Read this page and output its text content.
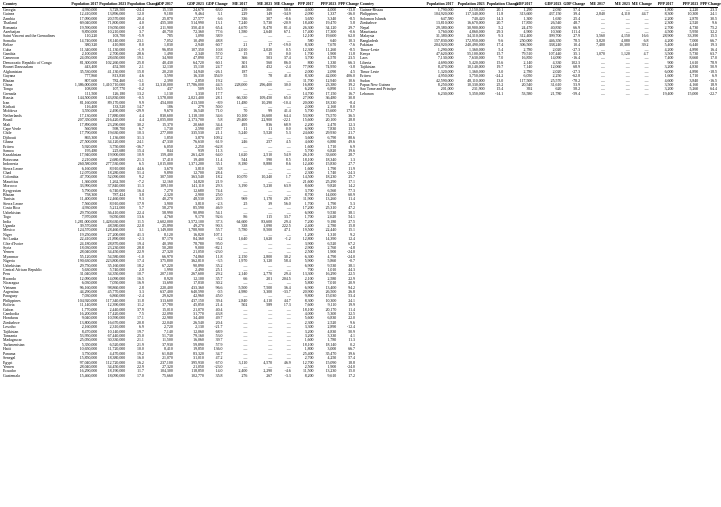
Country	Population 2017	Population 2023	Population Change	GDP 2017	GDP 2023	GDP Change	ME 2017	ME 2023	ME Change	PPP 2017	PPP 2023	PPP Change
Georgia	4,930,000	3,728,500	-24.4	15,130	24,670	63.0	239	360	50.6	4,600	4,000	-13.0
Guinea	12,410,000	13,896,000	12.0	9,180	9,464	3.1	229	149	-34.9	2,090	1,337	-36.0
Zambia	17,090,000	20,570,000	20.4	25,870	27,577	6.6	336	307	-8.6	3,650	3,340	-8.5
Thailand	69,040,000	71,800,000	4.0	455,300	514,990	13.1	7,240	5,730	-20.9	18,400	19,470	5.8
Romania	19,590,000	19,050,000	-2.8	211,900	350,410	65.4	4,670	8,470	81.4	26,300	34,120	29.7
Azerbaijan	9,850,000	10,210,000	3.7	40,750	72,360	77.6	1,580	2,640	67.1	17,400	17,300	-0.6
Saint Vincent and the Grenadines	110,220	103,700	-5.9	785	1,090	38.9	—	—	—	12,100	19,600	62.0
Somalia	14,740,000	18,140,000	23.1	7,052	10,490	48.8	—	—	—	580	640	10.3
Belize	380,320	410,800	8.0	1,830	2,940	60.7	21	17	-19.0	8,300	7,670	-7.6
Cuba	11,340,000	11,130,000	-1.9	96,850	107,350	10.8	2,010	2,020	0.5	12,300	11,260	-8.5
Gambia	2,100,000	2,700,000	28.6	1,490	2,340	57.0	15	15	0.0	1,700	1,900	11.8
Cameroon	24,050,000	28,650,000	19.1	34,900	47,890	37.2	366	503	37.4	3,700	4,570	23.5
Democratic Republic of Congo	81,300,000	102,260,000	25.8	40,430	64,720	60.1	301	560	86.0	800	1,330	66.3
Brunei Darussalam	443,400	452,500	2.1	12,130	15,130	24.7	463	452	-2.4	77,900	74,950	-3.8
Afghanistan	35,530,000	41,130,000	15.8	20,230	14,940	-26.1	187	—	—	2,000	2,090	4.5
Guyana	777,860	813,830	4.6	3,590	16,330	354.9	55	78	41.8	8,300	42,000	406.0
Bhutan	807,600	782,460	-3.1	2,390	2,850	19.2	—	—	—	11,700	12,940	10.6
China	1,386,000,000	1,410,710,000	1.8	12,310,000	17,786,000	44.5	228,000	296,400	30.0	16,800	23,380	39.2
Tonga	108,000	107,770	-0.2	437	509	16.5	—	—	—	6,200	6,890	11.1
Grenada	111,500	126,180	13.2	1,130	1,330	17.7	—	—	—	14,700	17,150	16.7
Russia	144,500,000	143,830,000	-0.5	1,578,000	2,021,400	28.1	66,330	109,450	65.0	27,900	36,480	30.8
Iran	81,160,000	89,170,000	9.9	454,000	413,500	-8.9	11,480	10,290	-10.4	20,000	18,330	-8.4
Kiribati	116,400	133,520	14.7	186	279	50.0	—	—	—	2,000	2,160	8.0
Moldova	3,550,000	2,490,000	-29.9	9,670	16,540	71.0	70	99	41.4	5,700	15,600	173.7
Netherlands	17,130,000	17,880,000	4.4	830,600	1,118,100	34.6	10,100	16,600	64.4	53,900	73,570	36.5
Brazil	207,350,000	216,420,000	4.4	2,055,000	2,173,700	5.8	29,400	22,900	-22.1	15,600	20,100	28.8
Mali	17,890,000	23,290,000	30.2	15,370	20,660	34.4	495	836	68.9	2,200	2,470	12.3
Cape Verde	560,900	598,700	6.7	1,730	2,590	49.7	11	11	0.0	6,900	7,830	13.5
Chile	17,790,000	19,630,000	10.3	277,000	335,530	21.1	5,240	5,520	5.3	24,600	29,930	21.7
Djibouti	865,300	1,136,000	31.3	1,850	3,870	109.2	—	—	—	3,600	6,790	88.6
Ghana	27,500,000	34,120,000	24.1	47,330	76,630	61.9	246	257	4.5	4,600	6,880	49.6
Eritrea	5,920,000	3,750,000	-36.7	6,050	2,250	-62.8	—	—	—	1,600	1,710	6.9
Samoa	195,480	225,680	15.4	844	939	11.3	—	—	—	5,700	6,820	19.6
Kazakhstan	17,940,000	19,900,000	10.9	159,400	261,420	64.0	1,620	2,510	54.9	26,100	33,600	28.7
Botswana	2,210,000	2,680,000	21.3	17,410	19,400	11.4	544	590	8.5	18,100	18,340	1.3
Indonesia	260,580,000	277,530,000	6.5	1,015,000	1,371,200	35.1	8,180	8,880	8.6	12,400	15,830	27.7
Sierra Leone	6,160,000	8,910,000	44.6	3,670	3,810	3.8	—	—	—	1,600	1,790	11.9
Chad	12,070,000	18,280,000	51.4	9,890	12,700	28.4	—	—	—	2,300	1,740	-24.3
Colombia	47,700,000	52,090,000	9.2	307,500	363,540	18.2	10,070	10,240	1.7	14,500	18,230	25.7
Mauritius	1,360,000	1,262,500	-7.2	12,160	14,820	21.9	—	—	—	21,600	25,290	17.1
Morocco	33,990,000	37,840,000	11.3	109,100	141,110	29.3	3,190	5,230	63.9	8,600	9,820	14.2
Kyrgyzstan	5,790,000	6,740,000	16.4	7,270	12,680	74.4	—	—	—	3,700	6,560	77.3
Bhutan	758,300	787,424	3.8	2,320	2,900	25.0	—	—	—	8,700	14,000	60.9
Tunisia	11,400,000	12,460,000	9.3	40,270	48,530	20.5	969	1,170	20.7	11,900	13,260	11.4
Sierra Leone	7,560,000	8,910,000	17.9	3,900	3,810	-2.3	25	39	56.0	1,700	1,790	5.3
Costa Rica	4,930,000	5,212,000	5.7	58,270	85,590	46.9	—	—	—	17,200	25,310	47.2
Uzbekistan	29,750,000	36,410,000	22.4	58,990	90,890	54.1	—	—	—	6,900	9,530	38.1
Togo	7,970,000	9,050,000	13.6	4,760	9,170	92.6	86	115	33.7	1,700	2,620	54.1
India	1,281,000,000	1,428,630,000	11.5	2,602,000	3,572,100	37.3	64,600	83,600	29.4	7,200	9,180	27.5
Uganda	39,570,000	48,580,000	22.8	25,890	49,270	90.3	338	1,090	222.5	2,400	2,780	15.8
Mexico	124,570,000	128,460,000	3.1	1,149,000	1,788,900	55.7	5,780	8,500	47.1	19,500	22,440	15.1
Niger	19,250,000	27,200,000	41.3	8,120	16,820	107.1	—	—	—	1,200	1,310	9.2
Sri Lanka	22,410,000	21,890,000	-2.3	87,170	84,360	-3.2	1,640	1,620	-1.2	12,800	14,390	12.4
Côte d'Ivoire	24,180,000	28,870,000	19.4	40,390	78,780	95.0	—	—	—	3,900	6,520	67.2
Syria	18,030,000	23,230,000	28.8	50,280	9,000	-82.1	—	—	—	2,900	2,760	-4.8
Yemen	28,040,000	34,450,000	22.9	27,320	21,050	-23.0	—	—	—	2,500	1,900	-24.0
Myanmar	55,120,000	54,580,000	-1.0	66,970	74,860	11.8	2,150	2,800	30.2	6,300	4,790	-24.0
Nigeria	190,630,000	223,800,000	17.4	375,800	362,810	-3.5	1,970	3,120	58.4	5,900	5,860	-0.7
Uzbekistan	29,750,000	35,160,000	18.2	67,220	90,890	35.2	—	—	—	6,900	9,530	38.1
Central African Republic	5,630,000	5,740,000	2.0	1,990	2,490	25.1	—	—	—	700	1,010	44.3
Peru	31,040,000	34,350,000	10.7	207,100	267,600	29.2	2,140	2,770	29.4	13,300	16,290	22.5
Rwanda	12,090,000	14,090,000	16.5	8,920	12,100	35.7	66	201	204.5	2,100	2,580	22.9
Nicaragua	6,030,000	7,050,000	16.9	13,690	17,830	30.2	—	—	—	5,800	7,010	20.9
Vietnam	96,160,000	98,860,000	2.8	220,400	433,360	96.6	5,500	7,500	36.4	6,900	13,400	94.2
Argentina	44,290,000	45,770,000	3.3	637,400	640,590	0.5	4,980	3,300	-33.7	20,900	26,500	26.8
Paraguay	7,030,000	6,860,000	-2.4	29,620	42,960	45.0	—	—	—	9,800	15,030	53.4
Philippines	104,920,000	117,340,000	11.8	313,600	437,150	39.4	2,840	4,110	44.7	8,300	10,300	24.1
Bolivia	11,140,000	12,390,000	11.2	37,780	45,850	21.4	502	589	17.3	7,600	9,110	19.9
Gabon	1,770,000	2,440,000	37.9	15,010	21,070	40.4	—	—	—	18,100	20,170	11.4
Cambodia	16,200,000	17,420,000	7.5	22,090	31,770	43.8	—	—	—	4,000	5,300	32.5
Honduras	9,040,000	10,590,000	17.1	22,980	34,400	49.7	—	—	—	5,600	6,830	22.0
Zimbabwe	13,800,000	16,670,000	20.8	22,040	26,540	20.4	—	—	—	2,300	2,520	9.6
Lesotho	2,160,000	2,310,000	6.9	2,720	2,130	-21.7	—	—	—	3,300	2,890	-12.4
Tajikistan	8,470,000	10,140,000	19.7	7,140	12,060	68.9	—	—	—	3,200	4,830	50.9
Tanzania	53,950,000	67,440,000	25.0	51,730	79,160	53.0	—	—	—	3,200	3,330	4.1
Madagascar	25,050,000	30,330,000	21.1	11,500	16,060	39.7	—	—	—	1,600	1,780	11.3
Turkmenistan	5,350,000	6,520,000	21.9	37,930	59,890	57.9	—	—	—	18,100	18,140	0.2
Haiti	10,650,000	11,720,000	10.0	8,410	19,850	136.0	—	—	—	1,800	3,000	66.7
Panama	3,750,000	4,470,000	19.2	61,840	83,320	34.7	—	—	—	25,400	35,470	39.6
Senegal	15,850,000	18,380,000	16.0	21,070	31,010	47.2	—	—	—	2,700	4,250	57.4
Egypt	97,040,000	112,720,000	16.2	237,100	395,930	67.0	3,110	4,570	46.9	12,700	15,090	18.8
Yemen	28,040,000	34,450,000	22.9	27,320	21,050	-23.0	—	—	—	2,500	1,900	-24.0
Ecuador	16,290,000	18,190,000	11.7	104,300	118,850	14.0	2,400	2,290	-4.6	11,500	13,230	15.0
Guatemala	15,460,000	18,090,000	17.0	75,660	102,770	35.8	276	267	-3.3	8,200	9,610	17.2
Country	Population 2017	Population 2023	Population Change	GDP 2017	GDP 2023	GDP Change	ME 2017	ME 2023	ME Change	PPP 2017	PPP 2023	PPP Change
Guinea-Bissau	1,790,000	2,150,000	20.1	1,290	2,030	57.4	—	—	—	1,800	2,220	23.3
Philippines	104,920,000	117,340,000	11.8	313,600	437,150	39.4	2,840	4,110	44.7	8,300	10,300	24.1
Solomon Islands	647,580	740,420	14.3	1,300	1,630	25.4	—	—	—	2,200	2,870	30.5
Zimbabwe	13,810,000	16,670,000	20.7	17,850	26,540	48.7	—	—	—	2,300	2,520	9.6
Nepal	29,380,000	30,900,000	5.2	24,470	40,830	66.9	—	—	—	2,700	4,730	75.2
Mauritania	3,760,000	4,860,000	29.3	4,900	10,360	111.4	—	—	—	4,500	5,950	32.2
Malaysia	31,380,000	34,310,000	9.3	312,400	399,700	27.9	3,560	4,150	16.6	28,900	33,390	15.5
Bangladesh	157,830,000	172,950,000	9.6	250,000	446,350	78.5	3,820	4,080	6.8	4,200	7,000	66.7
Pakistan	204,920,000	240,490,000	17.4	306,500	338,240	10.4	7,400	10,300	39.2	5,400	6,440	19.3
Timor-Leste	1,290,000	1,360,000	5.4	2,780	2,020	-27.3	—	—	—	4,200	4,890	16.4
Kenya	47,620,000	55,100,000	15.7	79,510	107,440	35.1	1,070	1,120	4.7	3,500	5,730	63.7
Laos	7,130,000	7,630,000	7.0	16,850	14,090	-16.4	—	—	—	7,400	8,660	17.0
Liberia	4,690,000	5,420,000	15.6	2,140	4,330	102.3	—	—	—	900	1,610	78.9
Tajikistan	8,470,000	10,140,000	19.7	7,140	12,060	68.9	—	—	—	3,200	4,830	50.9
Timor Leste	1,320,000	1,360,000	3.0	2,780	2,020	-27.3	—	—	—	6,000	4,890	-18.5
Eritrea	4,950,000	3,750,000	-24.2	6,050	2,250	-62.8	—	—	—	1,600	1,710	6.9
Sudan	42,590,000	48,110,000	13.0	117,500	25,570	-78.2	—	—	—	4,600	3,840	-16.5
Papua New Guinea	8,250,000	10,330,000	25.2	20,540	31,610	53.9	—	—	—	3,500	4,160	18.9
Sao Tome and Principe	201,000	231,900	15.4	392	620	58.2	—	—	—	3,200	5,260	64.4
Lebanon	6,230,000	5,350,000	-14.1	53,580	21,780	-59.4	—	—	—	19,400	15,000	-22.7
